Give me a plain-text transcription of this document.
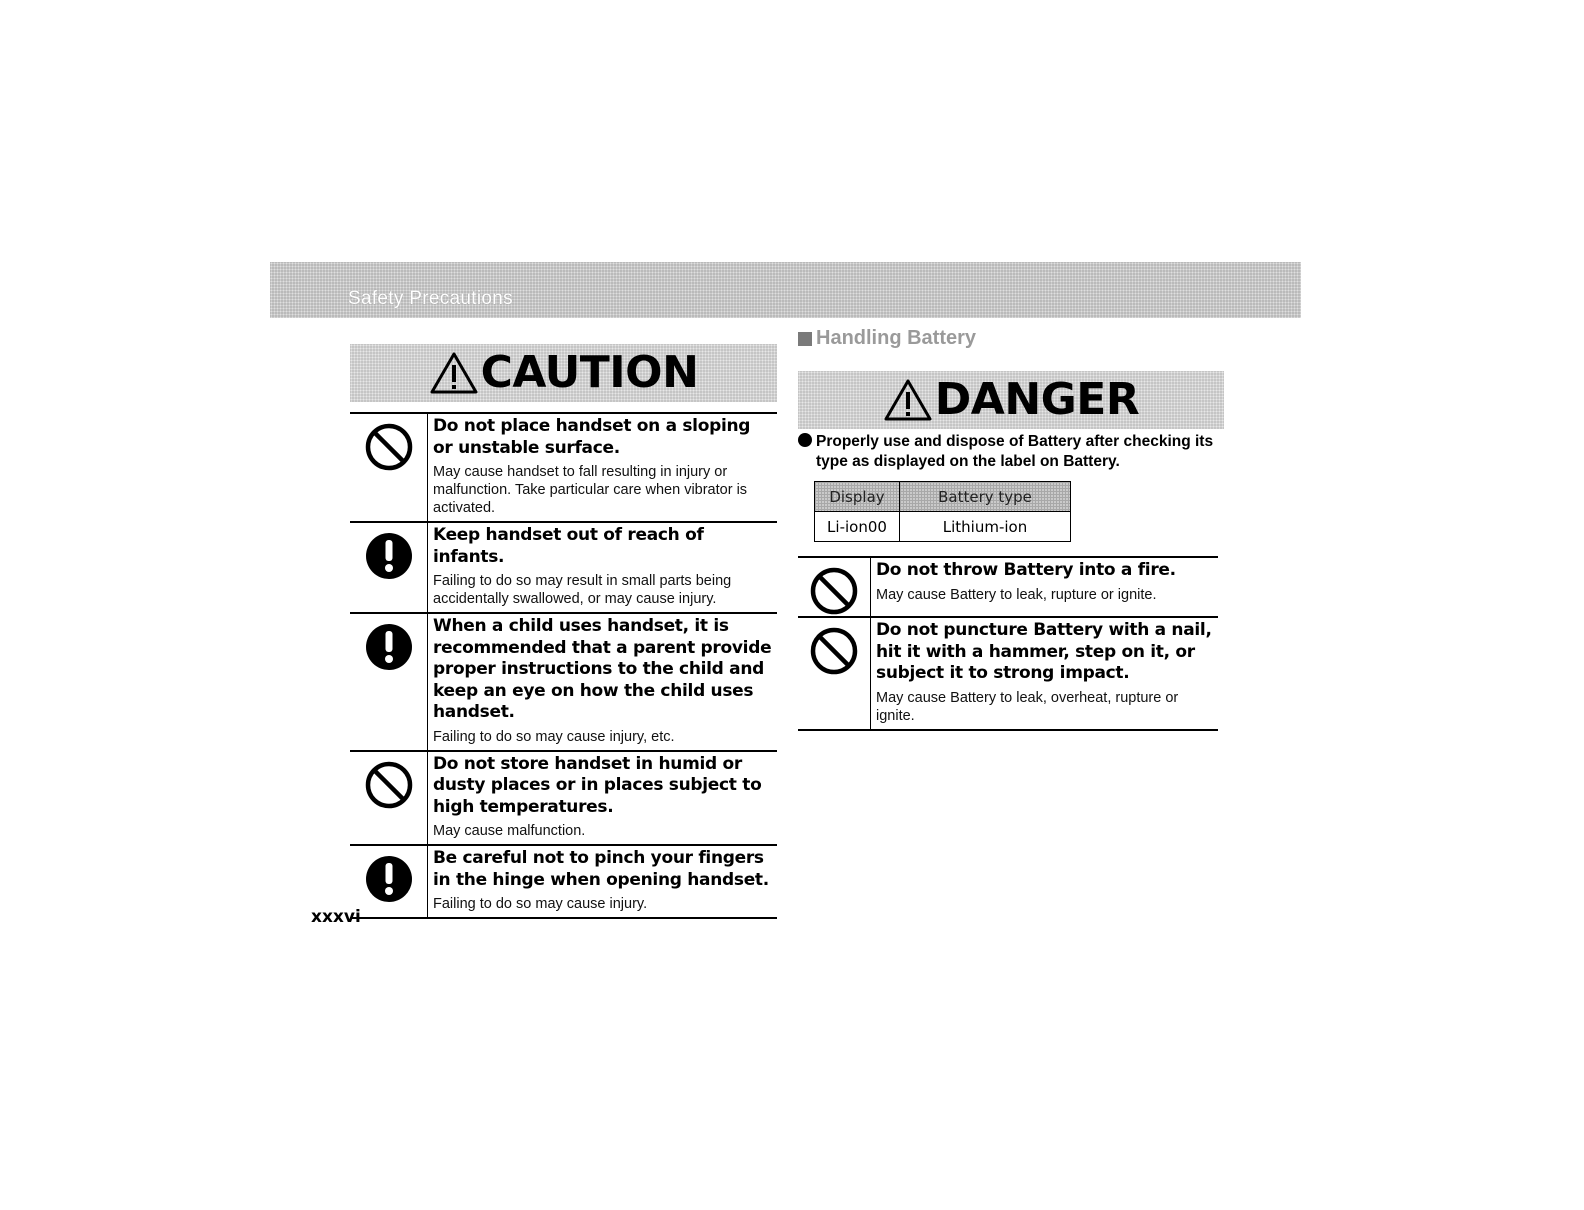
Safety Precautions
CAUTION

Do not place handset on a sloping or unstable surface.
May cause handset to fall resulting in injury or malfunction. Take particular care when vibrator is activated.

Keep handset out of reach of infants.
Failing to do so may result in small parts being accidentally swallowed, or may cause injury.

When a child uses handset, it is recommended that a parent provide proper instructions to the child and keep an eye on how the child uses handset.
Failing to do so may cause injury, etc.

Do not store handset in humid or dusty places or in places subject to high temperatures.
May cause malfunction.

Be careful not to pinch your fingers in the hinge when opening handset.
Failing to do so may cause injury.
Handling Battery
DANGER
Properly use and dispose of Battery after checking its
type as displayed on the label on Battery.
Display	Battery type
Li-ion00	Lithium-ion

Do not throw Battery into a fire.
May cause Battery to leak, rupture or ignite.

Do not puncture Battery with a nail, hit it with a hammer, step on it, or subject it to strong impact.
May cause Battery to leak, overheat, rupture or ignite.
xxxvi
